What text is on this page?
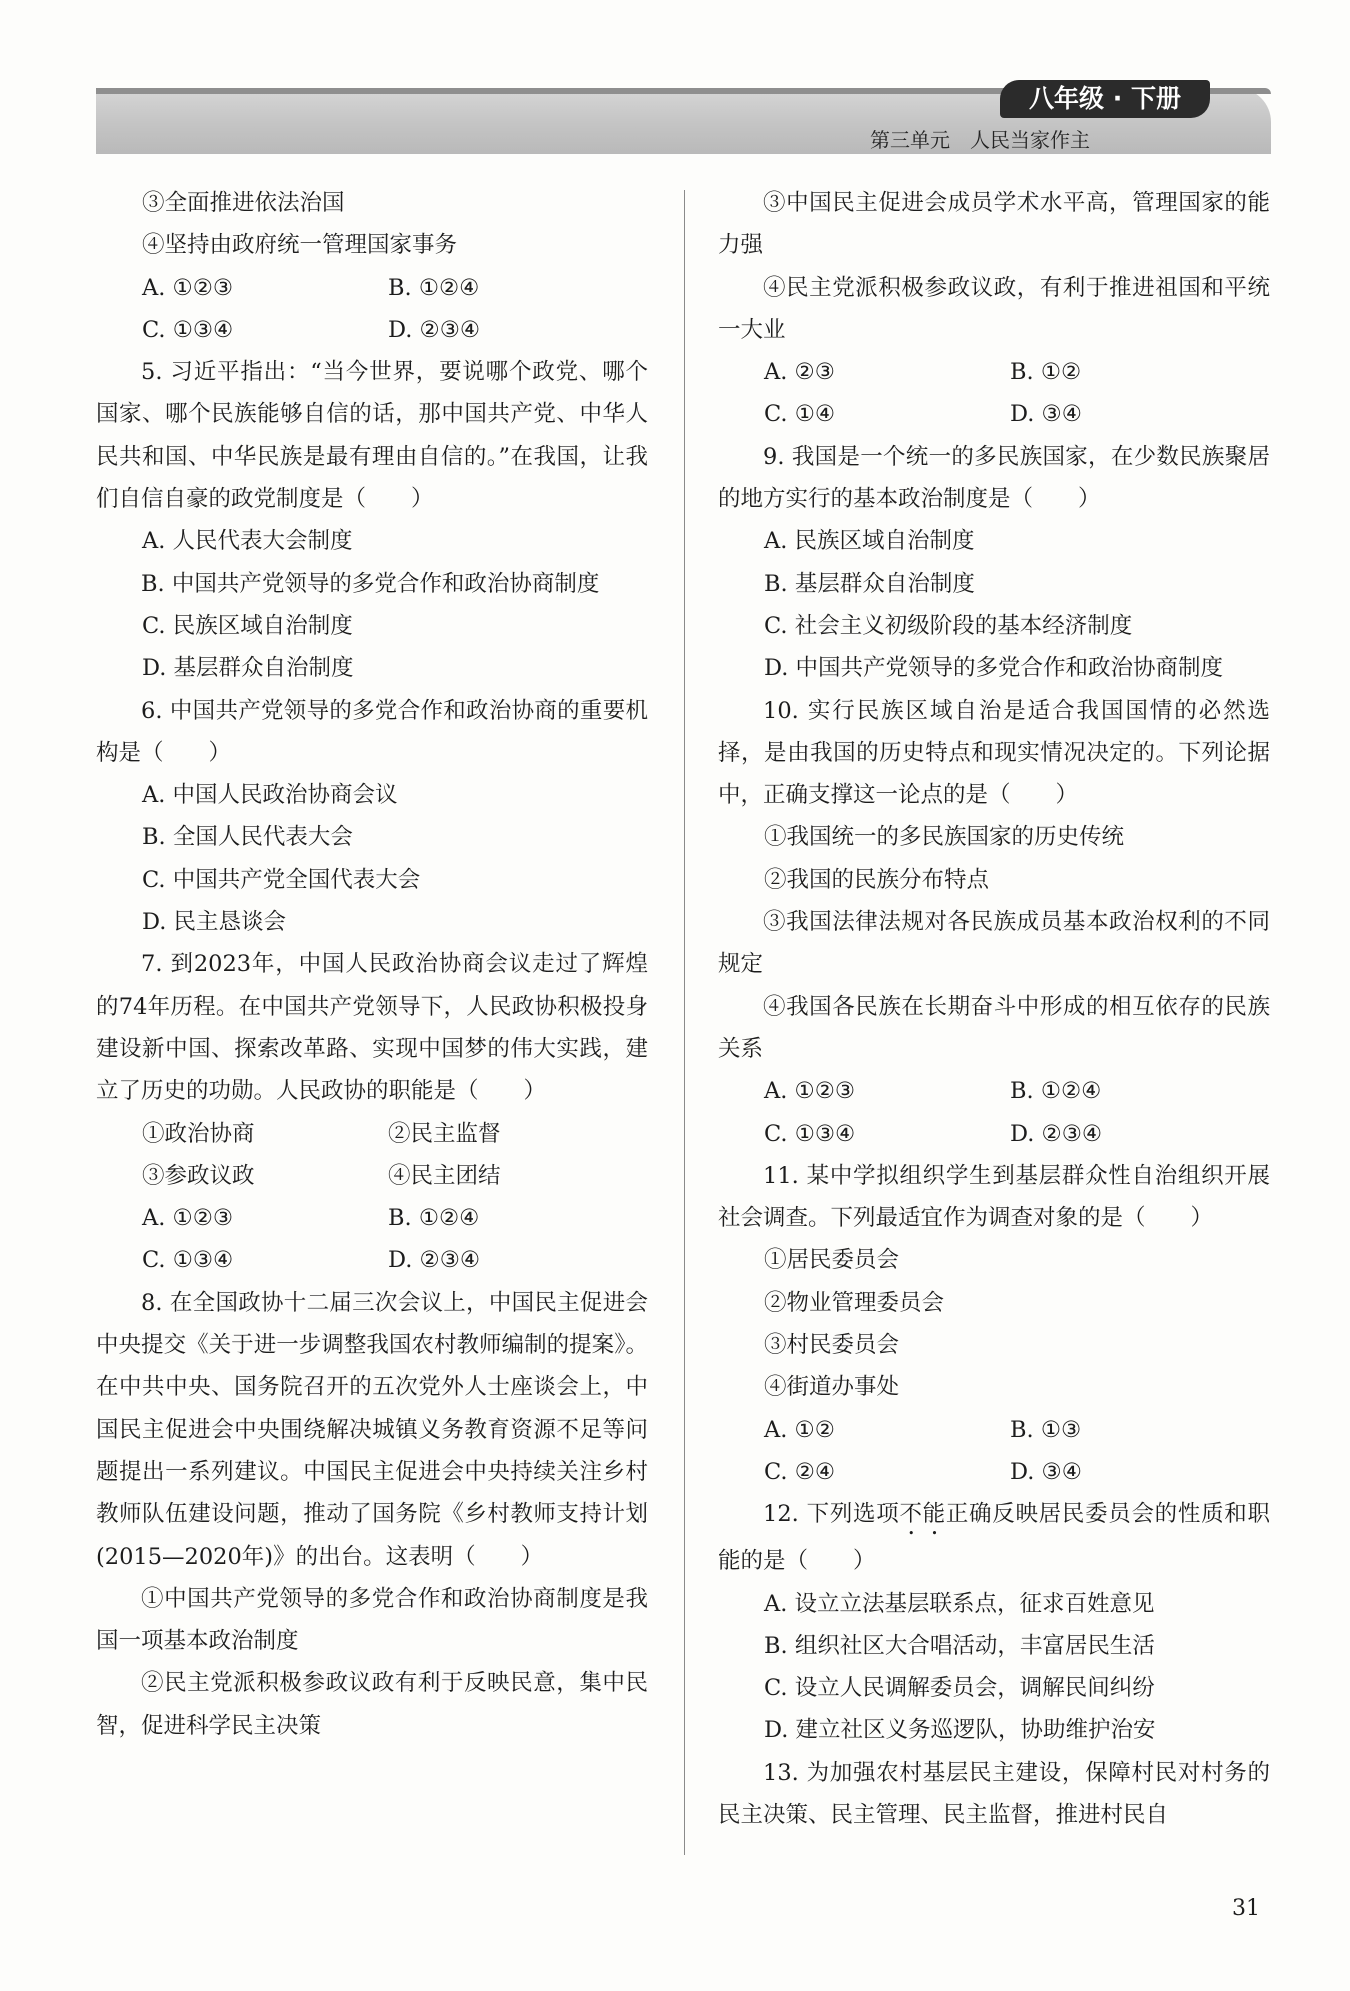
八年级 · 下册
第三单元　人民当家作主

③全面推进依法治国

④坚持由政府统一管理国家事务

A. ①②③	B. ①②④

C. ①③④	D. ②③④

5. 习近平指出：“当今世界，要说哪个政党、哪个国家、哪个民族能够自信的话，那中国共产党、中华人民共和国、中华民族是最有理由自信的。”在我国，让我们自信自豪的政党制度是（　　）

A. 人民代表大会制度

B. 中国共产党领导的多党合作和政治协商制度

C. 民族区域自治制度

D. 基层群众自治制度

6. 中国共产党领导的多党合作和政治协商的重要机构是（　　）

A. 中国人民政治协商会议

B. 全国人民代表大会

C. 中国共产党全国代表大会

D. 民主恳谈会

7. 到2023年，中国人民政治协商会议走过了辉煌的74年历程。在中国共产党领导下，人民政协积极投身建设新中国、探索改革路、实现中国梦的伟大实践，建立了历史的功勋。人民政协的职能是（　　）

①政治协商	②民主监督

③参政议政	④民主团结

A. ①②③	B. ①②④

C. ①③④	D. ②③④

8. 在全国政协十二届三次会议上，中国民主促进会中央提交《关于进一步调整我国农村教师编制的提案》。在中共中央、国务院召开的五次党外人士座谈会上，中国民主促进会中央围绕解决城镇义务教育资源不足等问题提出一系列建议。中国民主促进会中央持续关注乡村教师队伍建设问题，推动了国务院《乡村教师支持计划(2015—2020年)》的出台。这表明（　　）

①中国共产党领导的多党合作和政治协商制度是我国一项基本政治制度

②民主党派积极参政议政有利于反映民意，集中民智，促进科学民主决策

③中国民主促进会成员学术水平高，管理国家的能力强

④民主党派积极参政议政，有利于推进祖国和平统一大业

A. ②③	B. ①②

C. ①④	D. ③④

9. 我国是一个统一的多民族国家，在少数民族聚居的地方实行的基本政治制度是（　　）

A. 民族区域自治制度

B. 基层群众自治制度

C. 社会主义初级阶段的基本经济制度

D. 中国共产党领导的多党合作和政治协商制度

10. 实行民族区域自治是适合我国国情的必然选择，是由我国的历史特点和现实情况决定的。下列论据中，正确支撑这一论点的是（　　）

①我国统一的多民族国家的历史传统

②我国的民族分布特点

③我国法律法规对各民族成员基本政治权利的不同规定

④我国各民族在长期奋斗中形成的相互依存的民族关系

A. ①②③	B. ①②④

C. ①③④	D. ②③④

11. 某中学拟组织学生到基层群众性自治组织开展社会调查。下列最适宜作为调查对象的是（　　）

①居民委员会

②物业管理委员会

③村民委员会

④街道办事处

A. ①②	B. ①③

C. ②④	D. ③④

12. 下列选项不能正确反映居民委员会的性质和职能的是（　　）

A. 设立立法基层联系点，征求百姓意见

B. 组织社区大合唱活动，丰富居民生活

C. 设立人民调解委员会，调解民间纠纷

D. 建立社区义务巡逻队，协助维护治安

13. 为加强农村基层民主建设，保障村民对村务的民主决策、民主管理、民主监督，推进村民自

31
